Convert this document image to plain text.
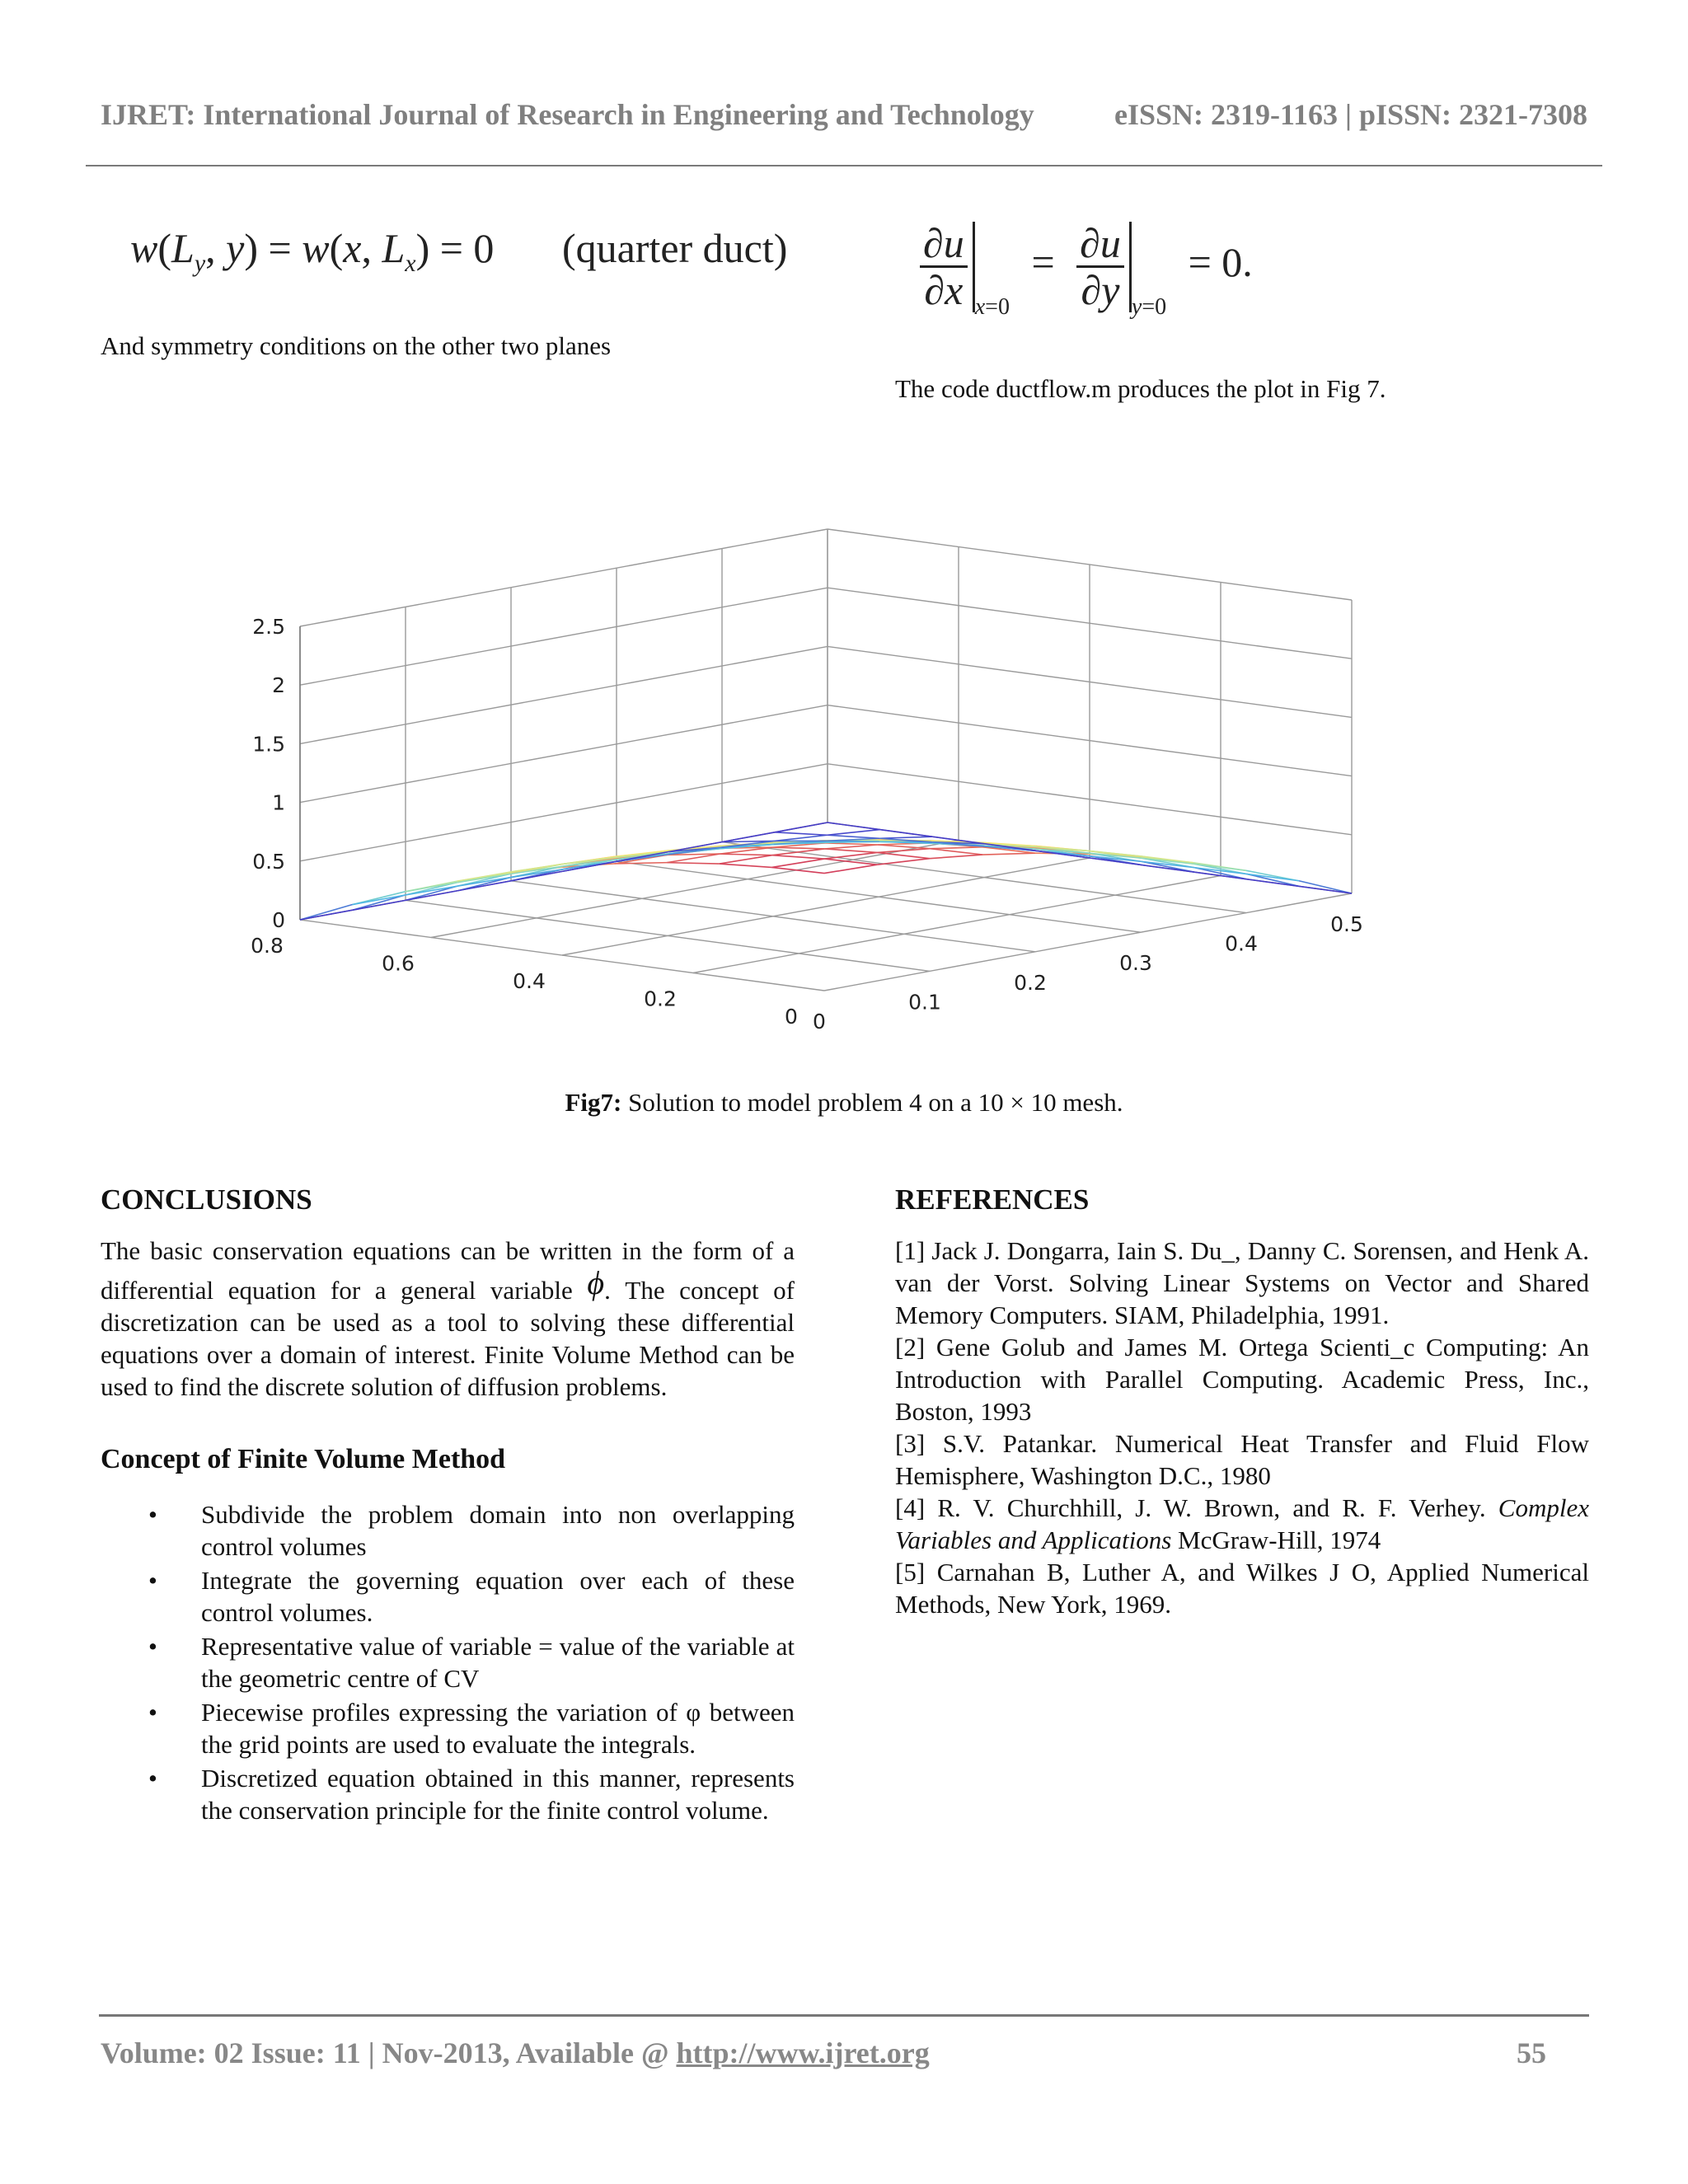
IJRET: International Journal of Research in Engineering and Technology	eISSN: 2319-1163 | pISSN: 2321-7308
$w(L_y$, y) = w(x, $L_x) = 0$ (quarter duct)	$\frac{\partial u}{\partial x} _{x=0} = \frac{\partial u}{\partial y} _{y=0} = 0$.
And symmetry conditions on the other two planes
The code ductflow.m produces the plot in Fig 7.
0
0.5
1
1.5
2
2.5
0
0.1
0.2
0.3
0.4
0.5
0
0.2
0.4
0.6
0.8
Fig7: Solution to model problem 4 on a 10 × 10 mesh.
CONCLUSIONS
The basic conservation equations can be written in the form of a differential equation for a general variable ϕ. The concept of discretization can be used as a tool to solving these differential equations over a domain of interest. Finite Volume Method can be used to find the discrete solution of diffusion problems.
Concept of Finite Volume Method
• Subdivide the problem domain into non overlapping control volumes
• Integrate the governing equation over each of these control volumes.
• Representative value of variable = value of the variable at the geometric centre of CV
• Piecewise profiles expressing the variation of φ between the grid points are used to evaluate the integrals.
• Discretized equation obtained in this manner, represents the conservation principle for the finite control volume.
REFERENCES

[1] Jack J. Dongarra, Iain S. Du_, Danny C. Sorensen, and Henk A. van der Vorst. Solving Linear Systems on Vector and Shared Memory Computers. SIAM, Philadelphia, 1991.

[2] Gene Golub and James M. Ortega Scienti_c Computing: An Introduction with Parallel Computing. Academic Press, Inc., Boston, 1993

[3] S.V. Patankar. Numerical Heat Transfer and Fluid Flow Hemisphere, Washington D.C., 1980

[4] R. V. Churchhill, J. W. Brown, and R. F. Verhey. Complex Variables and Applications McGraw-Hill, 1974

[5] Carnahan B, Luther A, and Wilkes J O, Applied Numerical Methods, New York, 1969.

Volume: 02 Issue: 11 | Nov-2013, Available @ http://www.ijret.org	55
